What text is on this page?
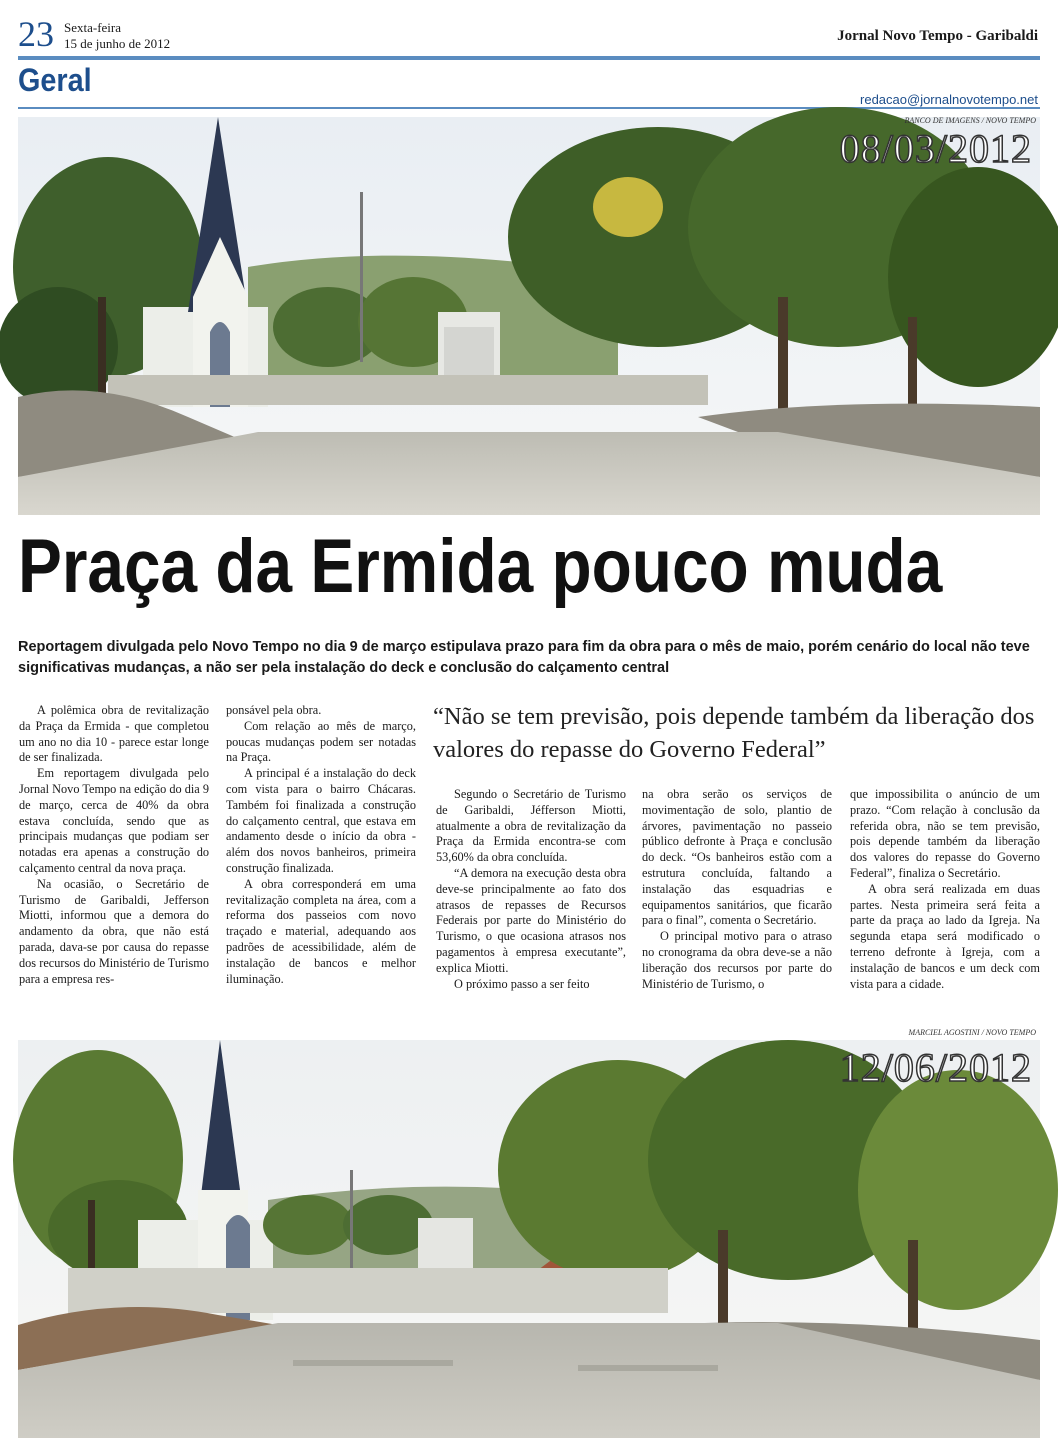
23 Sexta-feira
15 de junho de 2012	Jornal Novo Tempo - Garibaldi
Geral
redacao@jornalnovotempo.net
BANCO DE IMAGENS / NOVO TEMPO
08/03/2012
Praça da Ermida pouco muda
Reportagem divulgada pelo Novo Tempo no dia 9 de março estipulava prazo para fim da obra para o mês de maio, porém cenário do local não teve significativas mudanças, a não ser pela instalação do deck e conclusão do calçamento central

A polêmica obra de revitalização da Praça da Ermida - que completou um ano no dia 10 - parece estar longe de ser finalizada.

Em reportagem divulgada pelo Jornal Novo Tempo na edição do dia 9 de março, cerca de 40% da obra estava concluída, sendo que as principais mudanças que podiam ser notadas era apenas a construção do calçamento central da nova praça.

Na ocasião, o Secretário de Turismo de Garibaldi, Jefferson Miotti, informou que a demora do andamento da obra, que não está parada, dava-se por causa do repasse dos recursos do Ministério de Turismo para a empresa res-

ponsável pela obra.

Com relação ao mês de março, poucas mudanças podem ser notadas na Praça.

A principal é a instalação do deck com vista para o bairro Chácaras. Também foi finalizada a construção do calçamento central, que estava em andamento desde o início da obra - além dos novos banheiros, primeira construção finalizada.

A obra corresponderá em uma revitalização completa na área, com a reforma dos passeios com novo traçado e material, adequando aos padrões de acessibilidade, além de instalação de bancos e melhor iluminação.

“Não se tem previsão, pois depende também da liberação dos valores do repasse do Governo Federal”

Segundo o Secretário de Turismo de Garibaldi, Jéfferson Miotti, atualmente a obra de revitalização da Praça da Ermida encontra-se com 53,60% da obra concluída.

“A demora na execução desta obra deve-se principalmente ao fato dos atrasos de repasses de Recursos Federais por parte do Ministério do Turismo, o que ocasiona atrasos nos pagamentos à empresa executante”, explica Miotti.

O próximo passo a ser feito

na obra serão os serviços de movimentação de solo, plantio de árvores, pavimentação no passeio público defronte à Praça e conclusão do deck. “Os banheiros estão com a estrutura concluída, faltando a instalação das esquadrias e equipamentos sanitários, que ficarão para o final”, comenta o Secretário.

O principal motivo para o atraso no cronograma da obra deve-se a não liberação dos recursos por parte do Ministério de Turismo, o

que impossibilita o anúncio de um prazo. “Com relação à conclusão da referida obra, não se tem previsão, pois depende também da liberação dos valores do repasse do Governo Federal”, finaliza o Secretário.

A obra será realizada em duas partes. Nesta primeira será feita a parte da praça ao lado da Igreja. Na segunda etapa será modificado o terreno defronte à Igreja, com a instalação de bancos e um deck com vista para a cidade.

MARCIEL AGOSTINI / NOVO TEMPO
12/06/2012
